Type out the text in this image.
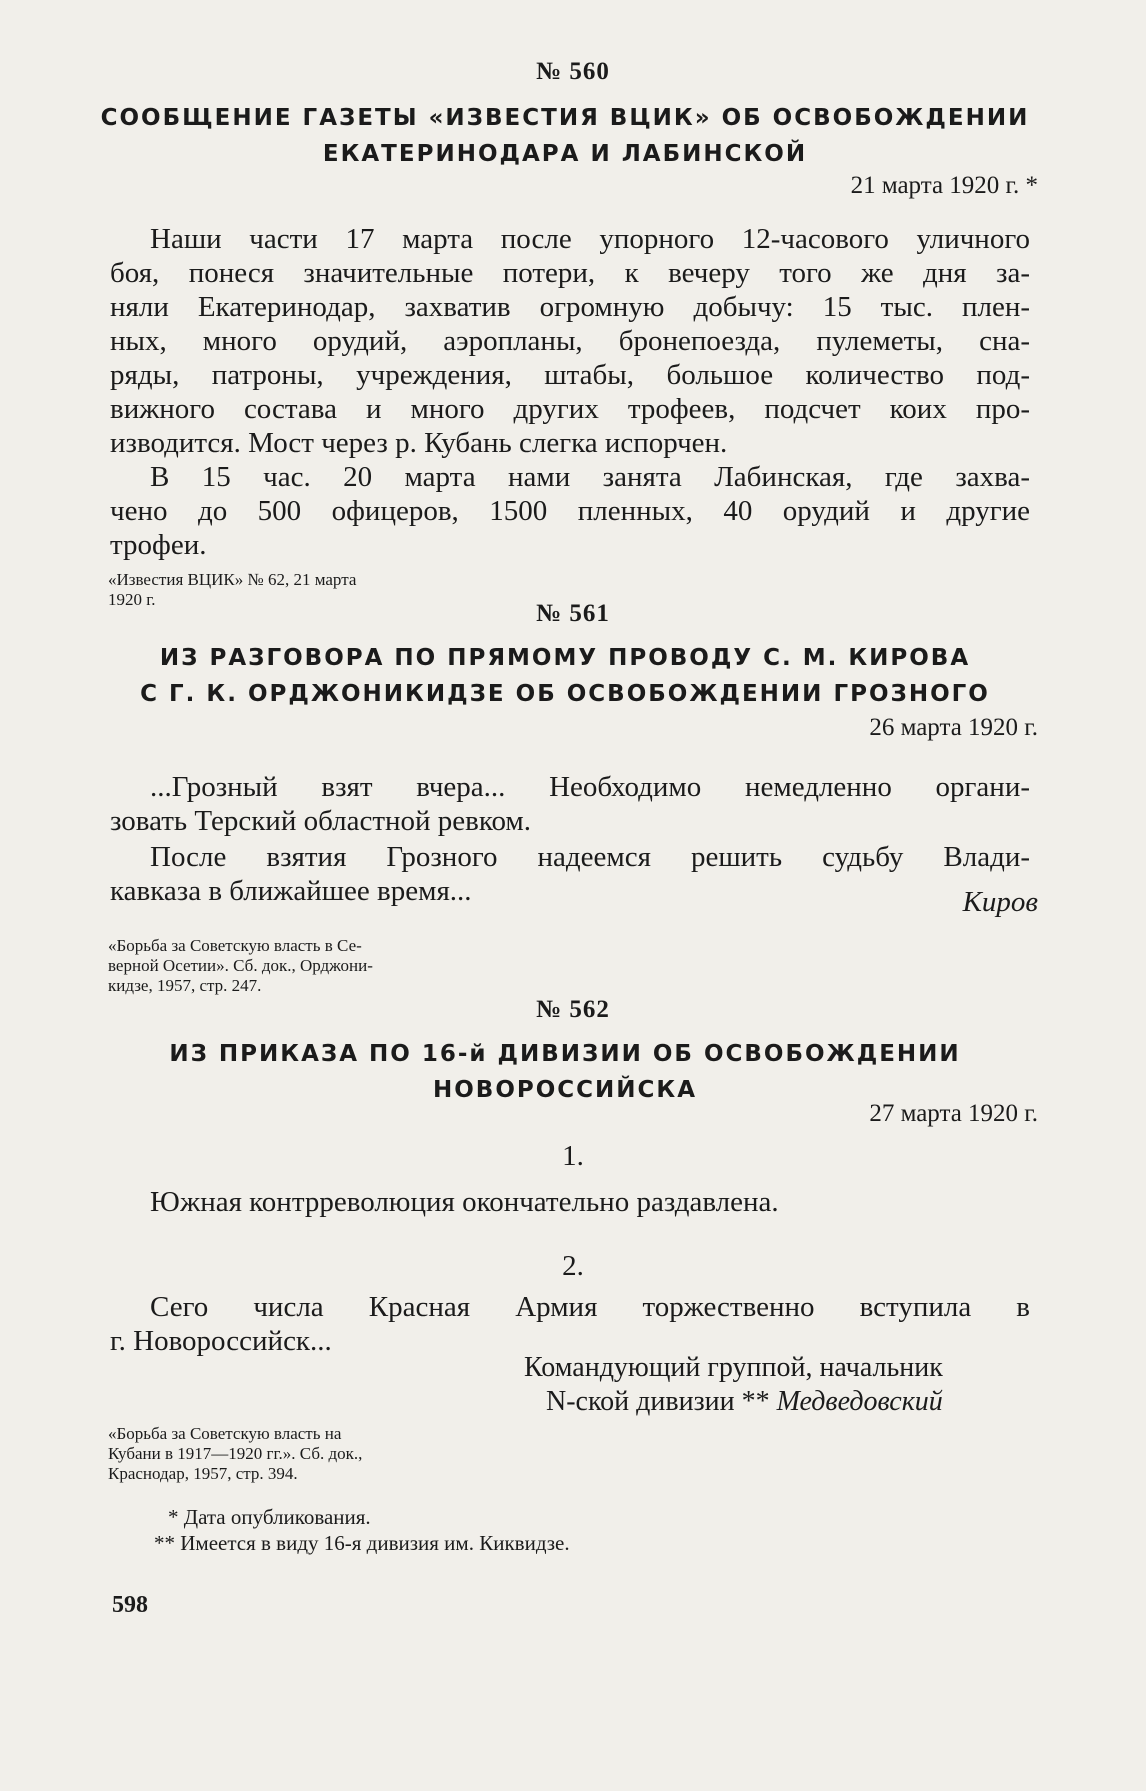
№ 560
СООБЩЕНИЕ ГАЗЕТЫ «ИЗВЕСТИЯ ВЦИК» ОБ ОСВОБОЖДЕНИИ
ЕКАТЕРИНОДАРА И ЛАБИНСКОЙ
21 марта 1920 г. *
Наши части 17 марта после упорного 12-часового уличного
боя, понеся значительные потери, к вечеру того же дня за-
няли Екатеринодар, захватив огромную добычу: 15 тыс. плен-
ных, много орудий, аэропланы, бронепоезда, пулеметы, сна-
ряды, патроны, учреждения, штабы, большое количество под-
вижного состава и много других трофеев, подсчет коих про-
изводится. Мост через р. Кубань слегка испорчен.
В 15 час. 20 марта нами занята Лабинская, где захва-
чено до 500 офицеров, 1500 пленных, 40 орудий и другие
трофеи.
«Известия ВЦИК» № 62, 21 марта
1920 г.
№ 561
ИЗ РАЗГОВОРА ПО ПРЯМОМУ ПРОВОДУ С. М. КИРОВА
С Г. К. ОРДЖОНИКИДЗЕ ОБ ОСВОБОЖДЕНИИ ГРОЗНОГО
26 марта 1920 г.
...Грозный взят вчера... Необходимо немедленно органи-
зовать Терский областной ревком.
После взятия Грозного надеемся решить судьбу Влади-
кавказа в ближайшее время...	Киров
«Борьба за Советскую власть в Се-
верной Осетии». Сб. док., Орджони-
кидзе, 1957, стр. 247.
№ 562
ИЗ ПРИКАЗА ПО 16-й ДИВИЗИИ ОБ ОСВОБОЖДЕНИИ
НОВОРОССИЙСКА
27 марта 1920 г.
1.
Южная контрреволюция окончательно раздавлена.
2.
Сего числа Красная Армия торжественно вступила в
г. Новороссийск...
Командующий группой, начальник
N-ской дивизии ** Медведовский
«Борьба за Советскую власть на
Кубани в 1917—1920 гг.». Сб. док.,
Краснодар, 1957, стр. 394.
* Дата опубликования.
** Имеется в виду 16-я дивизия им. Киквидзе.
598
